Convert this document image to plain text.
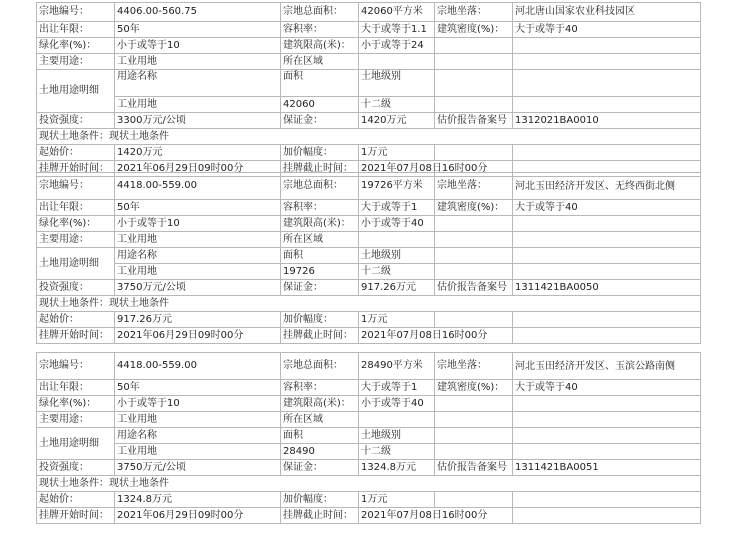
宗地编号：	4406.00-560.75	宗地总面积：	42060平方米	宗地坐落：	河北唐山国家农业科技园区
出让年限：	50年	容积率：	大于或等于1.1	建筑密度(%)：	大于或等于40
绿化率(%)：	小于或等于10	建筑限高(米)：	小于或等于24		
主要用途：	工业用地	所在区域			
土地用途明细	用途名称	面积	土地级别		
	工业用地	42060	十二级		
投资强度：	3300万元/公顷	保证金：	1420万元	估价报告备案号	1312021BA0010
现状土地条件：现状土地条件					
起始价：	1420万元	加价幅度：	1万元		
挂牌开始时间：	2021年06月29日09时00分	挂牌截止时间：	2021年07月08日16时00分		
宗地编号：	4418.00-559.00	宗地总面积：	19726平方米	宗地坐落：	河北玉田经济开发区、无终西街北侧
出让年限：	50年	容积率：	大于或等于1	建筑密度(%)：	大于或等于40
绿化率(%)：	小于或等于10	建筑限高(米)：	小于或等于40		
主要用途：	工业用地	所在区域			
土地用途明细	用途名称	面积	土地级别		
	工业用地	19726	十二级		
投资强度：	3750万元/公顷	保证金：	917.26万元	估价报告备案号	1311421BA0050
现状土地条件：现状土地条件					
起始价：	917.26万元	加价幅度：	1万元		
挂牌开始时间：	2021年06月29日09时00分	挂牌截止时间：	2021年07月08日16时00分		
宗地编号：	4418.00-559.00	宗地总面积：	28490平方米	宗地坐落：	河北玉田经济开发区、玉滨公路南侧
出让年限：	50年	容积率：	大于或等于1	建筑密度(%)：	大于或等于40
绿化率(%)：	小于或等于10	建筑限高(米)：	小于或等于40		
主要用途：	工业用地	所在区域			
土地用途明细	用途名称	面积	土地级别		
	工业用地	28490	十二级		
投资强度：	3750万元/公顷	保证金：	1324.8万元	估价报告备案号	1311421BA0051
现状土地条件：现状土地条件					
起始价：	1324.8万元	加价幅度：	1万元		
挂牌开始时间：	2021年06月29日09时00分	挂牌截止时间：	2021年07月08日16时00分		
